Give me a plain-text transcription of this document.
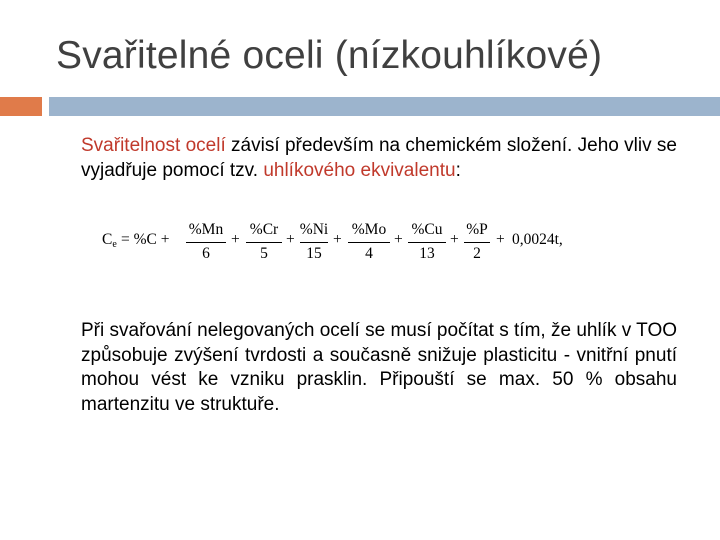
Svařitelné oceli (nízkouhlíkové)

Svařitelnost ocelí závisí především na chemickém složení. Jeho vliv se vyjadřuje pomocí tzv. uhlíkového ekvivalentu:

$C_e = \%C$ +
%Mn
6
+
%Cr
5
+
%Ni
15
+
%Mo
4
+
%Cu
13
+
%P
2
+ 0,0024t,

Při svařování nelegovaných ocelí se musí počítat s tím, že uhlík v TOO způsobuje zvýšení tvrdosti a současně snižuje plasticitu - vnitřní pnutí mohou vést ke vzniku prasklin. Připouští se max. 50 % obsahu martenzitu ve struktuře.
